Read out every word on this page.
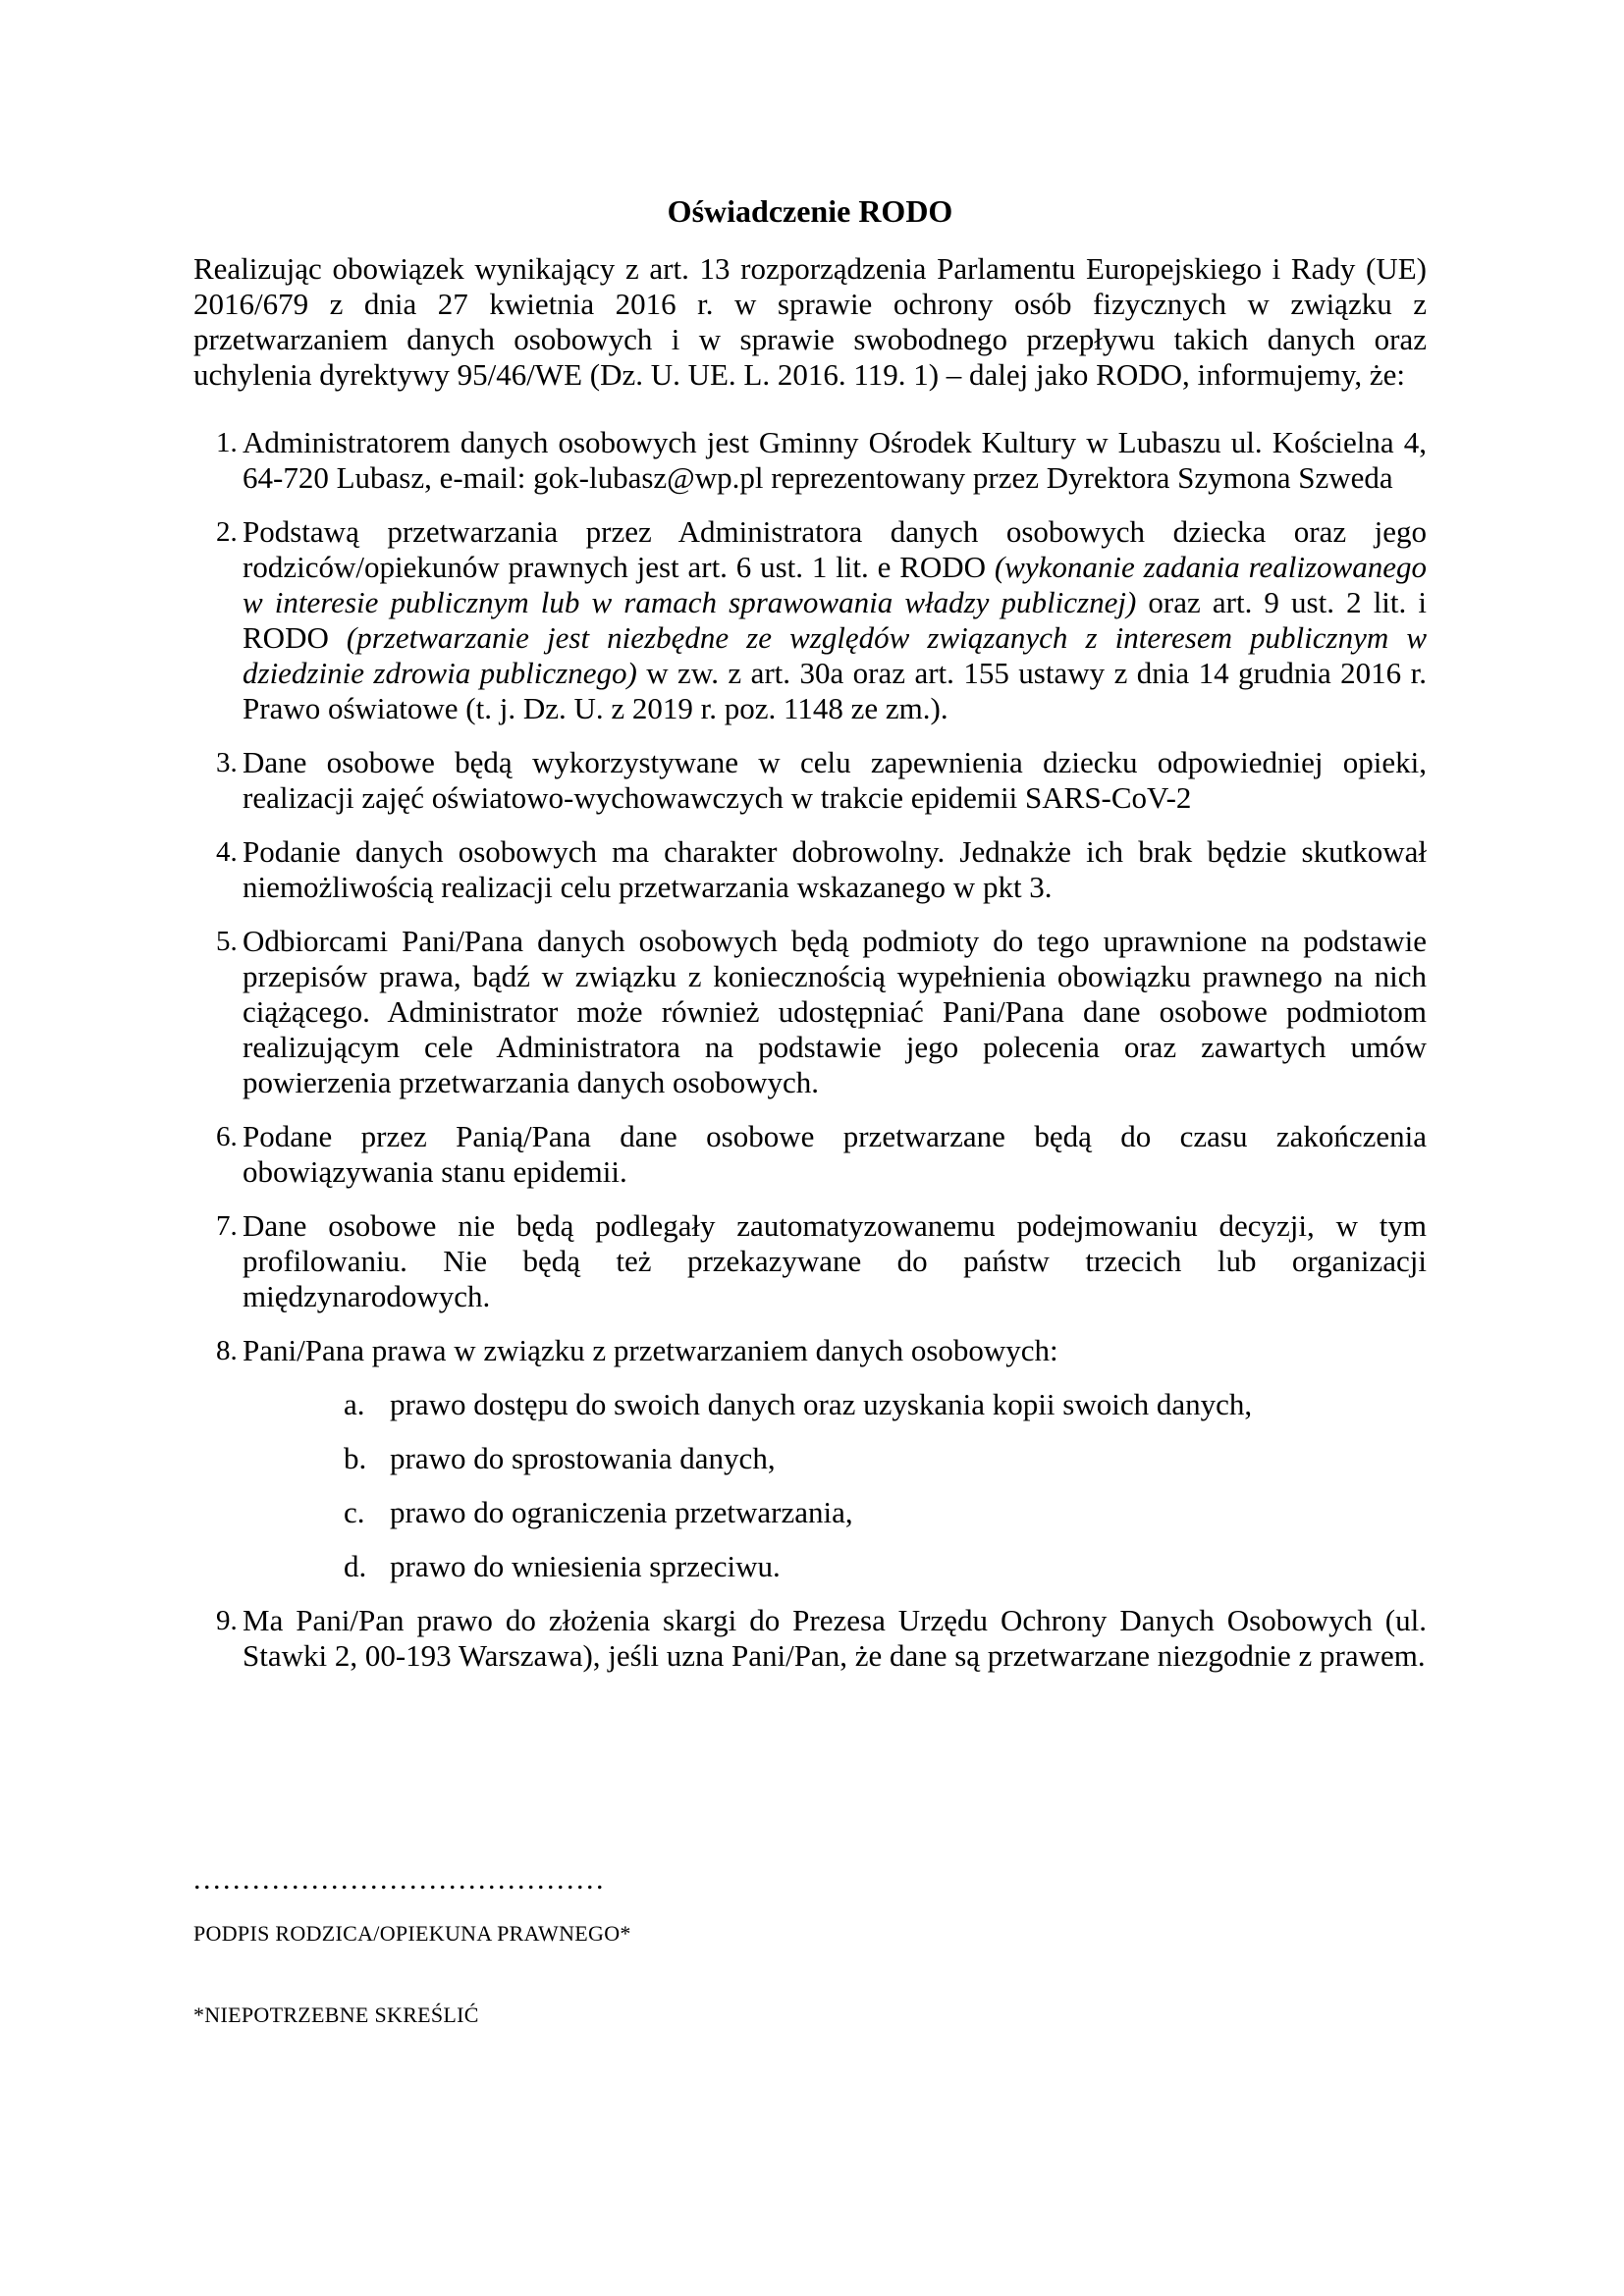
Oświadczenie RODO

Realizując obowiązek wynikający z art. 13 rozporządzenia Parlamentu Europejskiego i Rady (UE) 2016/679 z dnia 27 kwietnia 2016 r. w sprawie ochrony osób fizycznych w związku z przetwarzaniem danych osobowych i w sprawie swobodnego przepływu takich danych oraz uchylenia dyrektywy 95/46/WE (Dz. U. UE. L. 2016. 119. 1) – dalej jako RODO, informujemy, że:

1. Administratorem danych osobowych jest Gminny Ośrodek Kultury w Lubaszu ul. Kościelna 4, 64-720 Lubasz, e-mail: gok-lubasz@wp.pl reprezentowany przez Dyrektora Szymona Szweda
2. Podstawą przetwarzania przez Administratora danych osobowych dziecka oraz jego rodziców/opiekunów prawnych jest art. 6 ust. 1 lit. e RODO (wykonanie zadania realizowanego w interesie publicznym lub w ramach sprawowania władzy publicznej) oraz art. 9 ust. 2 lit. i RODO (przetwarzanie jest niezbędne ze względów związanych z interesem publicznym w dziedzinie zdrowia publicznego) w zw. z art. 30a oraz art. 155 ustawy z dnia 14 grudnia 2016 r. Prawo oświatowe (t. j. Dz. U. z 2019 r. poz. 1148 ze zm.).
3. Dane osobowe będą wykorzystywane w celu zapewnienia dziecku odpowiedniej opieki, realizacji zajęć oświatowo-wychowawczych w trakcie epidemii SARS-CoV-2
4. Podanie danych osobowych ma charakter dobrowolny. Jednakże ich brak będzie skutkował niemożliwością realizacji celu przetwarzania wskazanego w pkt 3.
5. Odbiorcami Pani/Pana danych osobowych będą podmioty do tego uprawnione na podstawie przepisów prawa, bądź w związku z koniecznością wypełnienia obowiązku prawnego na nich ciążącego. Administrator może również udostępniać Pani/Pana dane osobowe podmiotom realizującym cele Administratora na podstawie jego polecenia oraz zawartych umów powierzenia przetwarzania danych osobowych.
6. Podane przez Panią/Pana dane osobowe przetwarzane będą do czasu zakończenia obowiązywania stanu epidemii.
7. Dane osobowe nie będą podlegały zautomatyzowanemu podejmowaniu decyzji, w tym profilowaniu. Nie będą też przekazywane do państw trzecich lub organizacji międzynarodowych.
8. Pani/Pana prawa w związku z przetwarzaniem danych osobowych:
a. prawo dostępu do swoich danych oraz uzyskania kopii swoich danych,
b. prawo do sprostowania danych,
c. prawo do ograniczenia przetwarzania,
d. prawo do wniesienia sprzeciwu.
9. Ma Pani/Pan prawo do złożenia skargi do Prezesa Urzędu Ochrony Danych Osobowych (ul. Stawki 2, 00-193 Warszawa), jeśli uzna Pani/Pan, że dane są przetwarzane niezgodnie z prawem.
..........................................
PODPIS RODZICA/OPIEKUNA PRAWNEGO*
*NIEPOTRZEBNE SKREŚLIĆ
